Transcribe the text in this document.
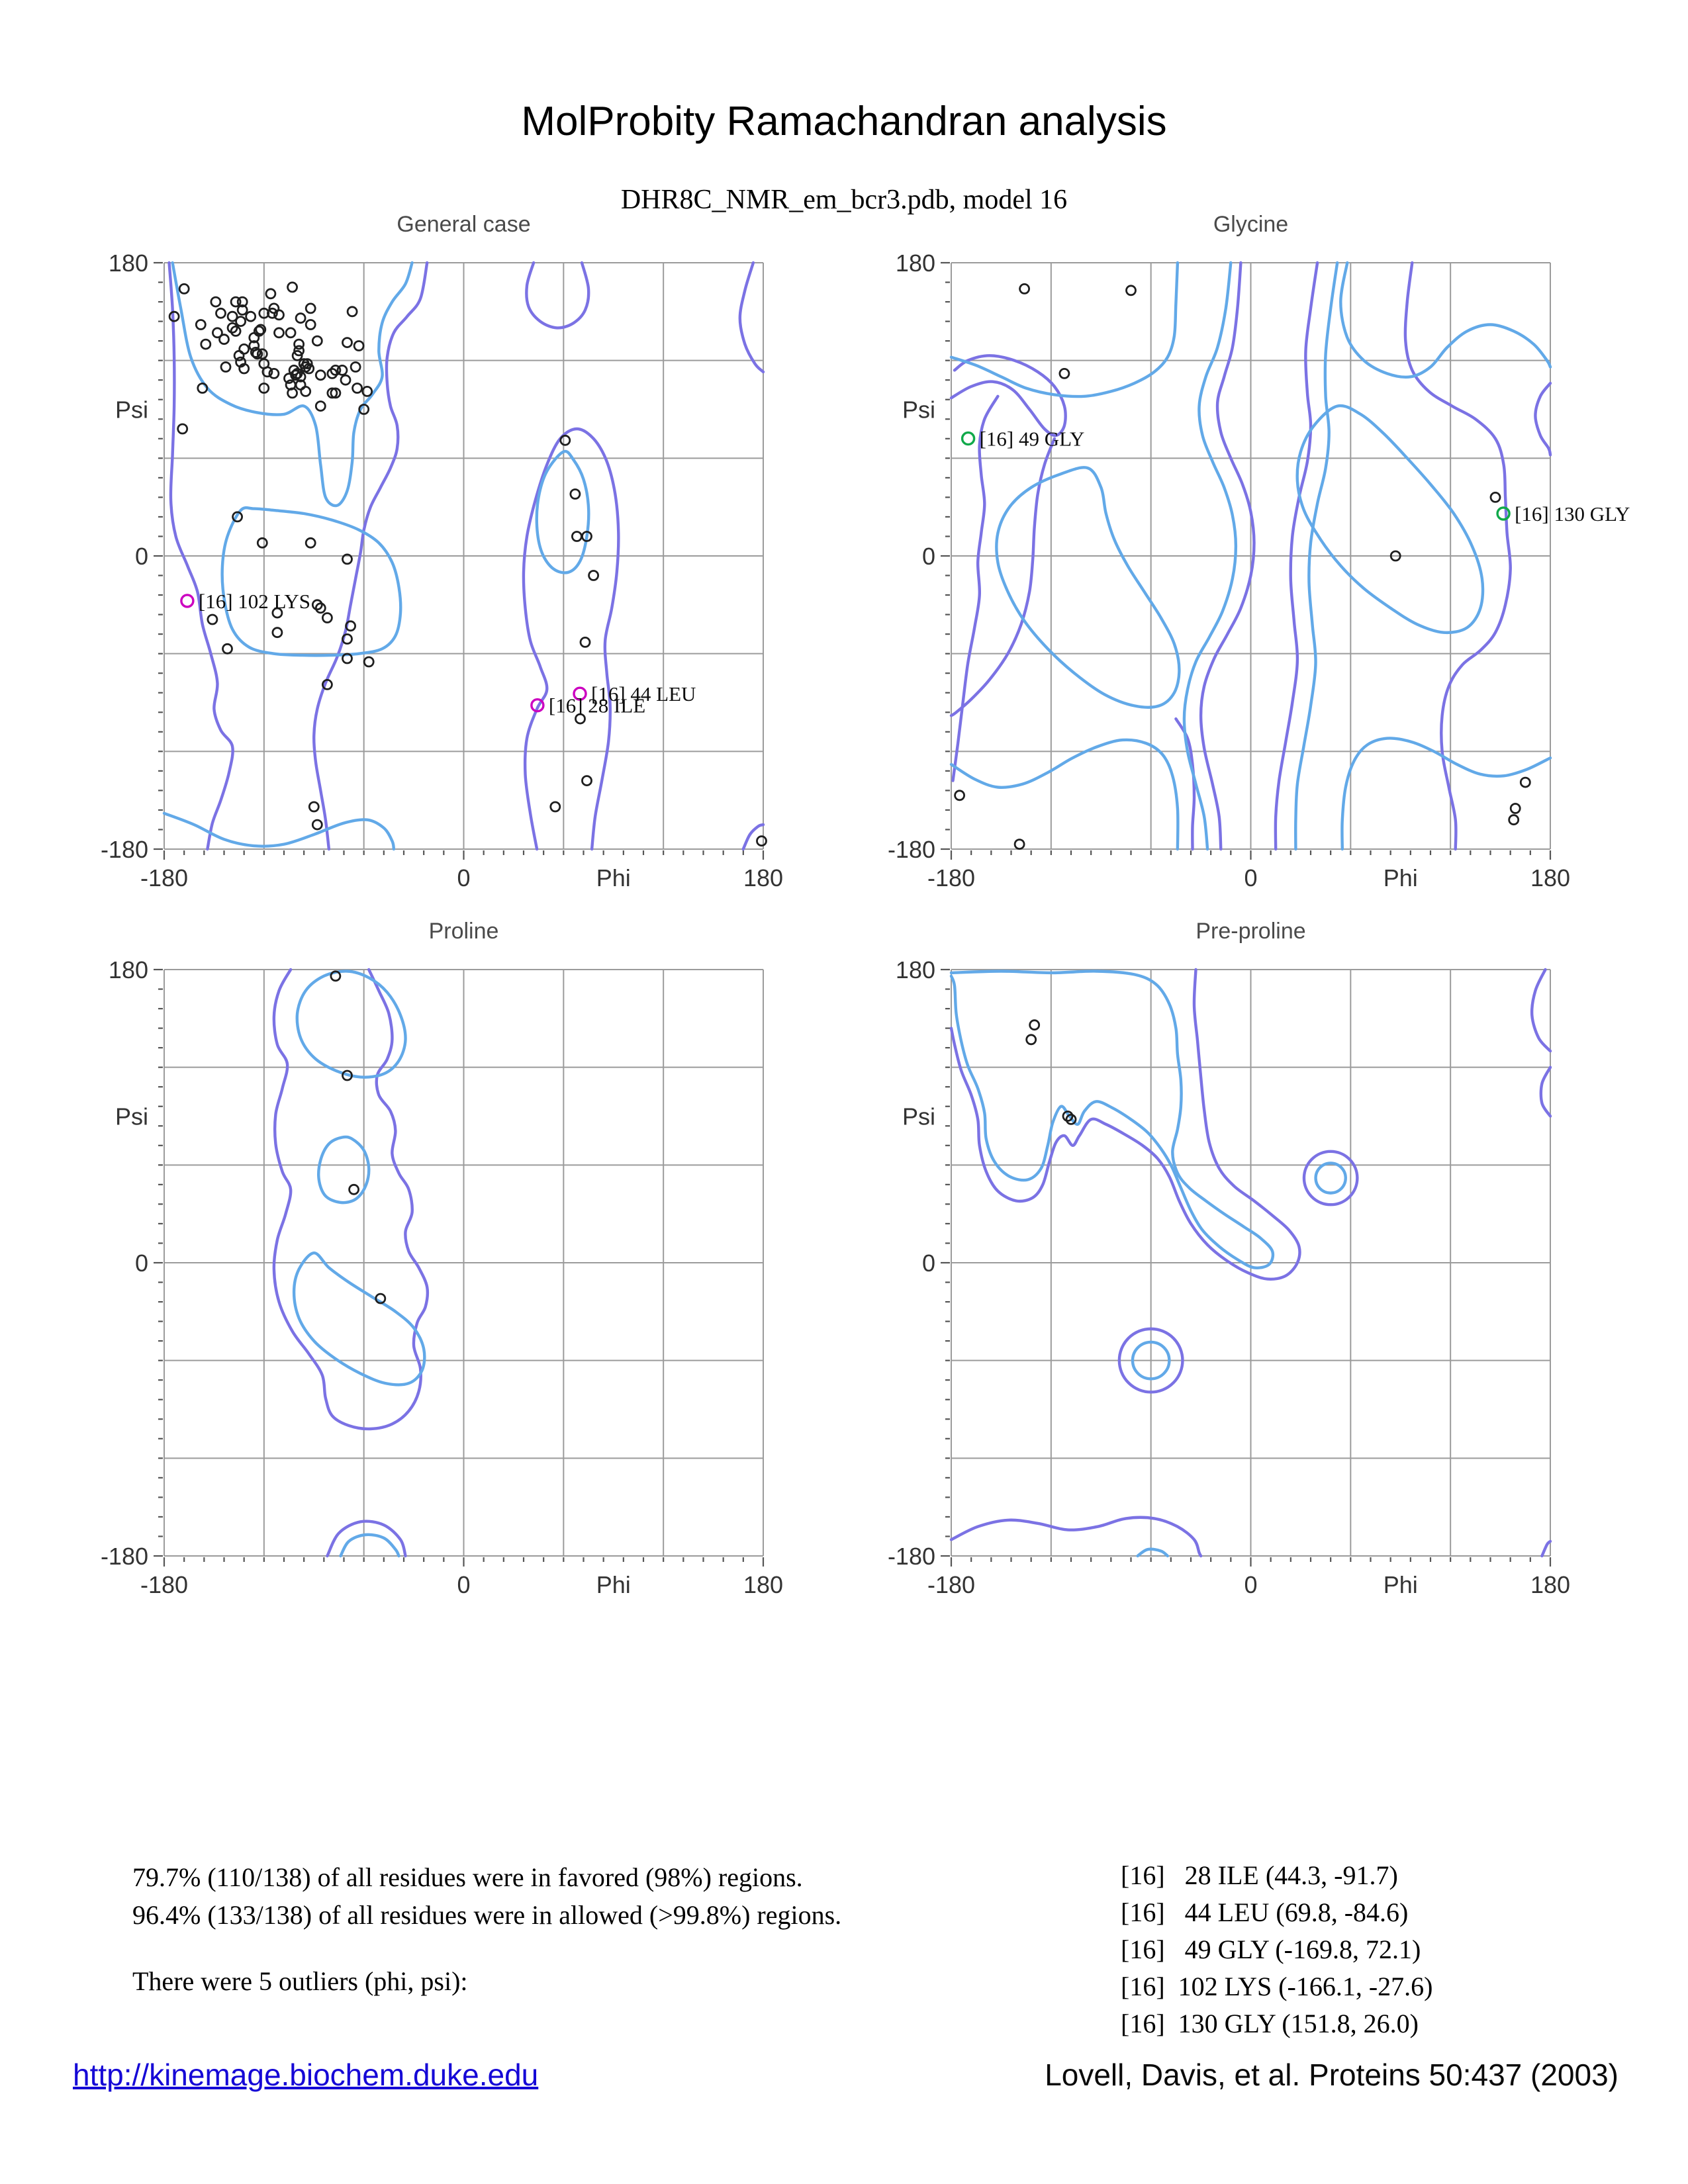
MolProbity Ramachandran analysis
DHR8C_NMR_em_bcr3.pdb, model 16
General case
180
Psi
0
-180
-180	0	Phi	180
[16] 102 LYS
[16] 44 LEU
[16] 28 ILE
Glycine
180
Psi
0
-180
-180	0	Phi	180
[16] 49 GLY
[16] 130 GLY
Proline
180
Psi
0
-180
-180	0	Phi	180
Pre-proline
180
Psi
0
-180
-180	0	Phi	180
79.7% (110/138) of all residues were in favored (98%) regions.
96.4% (133/138) of all residues were in allowed (>99.8%) regions.
There were 5 outliers (phi, psi):
[16]   28 ILE (44.3, -91.7)
[16]   44 LEU (69.8, -84.6)
[16]   49 GLY (-169.8, 72.1)
[16]  102 LYS (-166.1, -27.6)
[16]  130 GLY (151.8, 26.0)
http://kinemage.biochem.duke.edu	Lovell, Davis, et al. Proteins 50:437 (2003)
